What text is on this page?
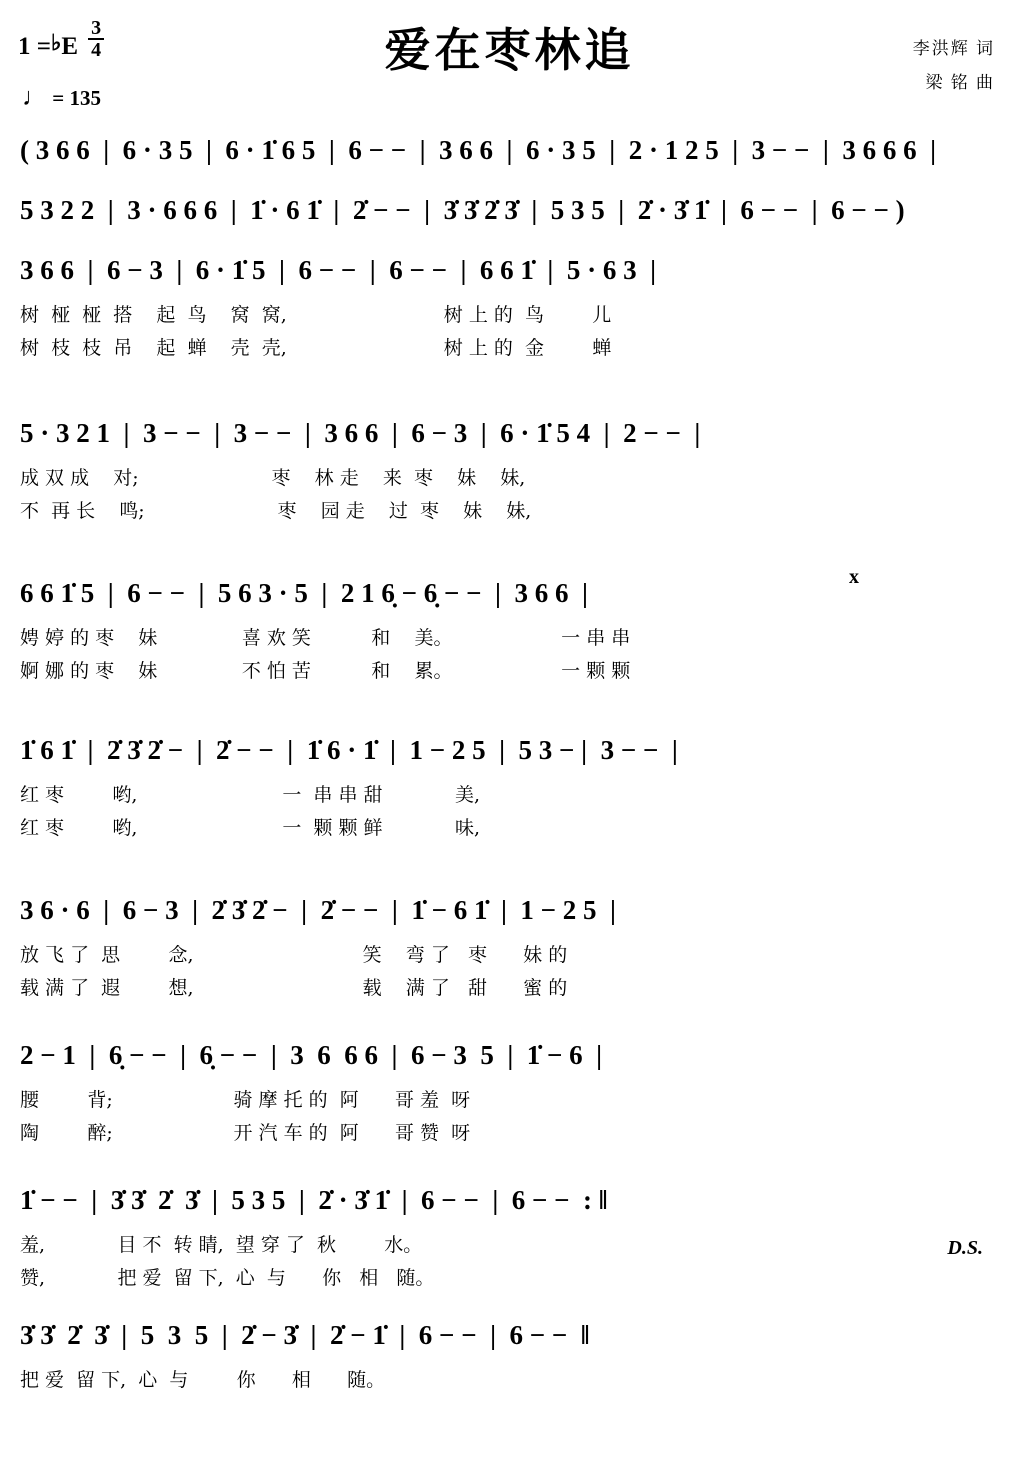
1 =♭E $\frac{3}{4}$
♩ = 135
爱在枣林追	李洪辉 词
梁 铭 曲
( 3 6 6  |  6 · 3 5  |  6 · 1̇ 6 5  |  6 − −  |  3 6 6  |  6 · 3 5  |  2 · 1 2 5  |  3 − −  |  3 6 6 6  |
5 3 2 2  |  3 · 6 6 6  |  1̇ · 6 1̇  |  2̇ − −  |  3̇ 3̇ 2̇ 3̇  |  5 3 5  |  2̇ · 3̇ 1̇  |  6 − −  |  6 − − )
3 6 6  |  6 − 3  |  6 · 1̇ 5  |  6 − −  |  6 − −  |  6 6 1̇  |  5 · 6 3  |
树  桠  桠  搭    起  鸟    窝  窝,                          树 上 的  鸟        儿
树  枝  枝  吊    起  蝉    壳  壳,                          树 上 的  金        蝉
5 · 3 2 1  |  3 − −  |  3 − −  |  3 6 6  |  6 − 3  |  6 · 1̇ 5 4  |  2 − −  |
成 双 成    对;                      枣    林 走    来  枣    妹    妹,
不  再 长    鸣;                      枣    园 走    过  枣    妹    妹,
x
6 6 1̇ 5  |  6 − −  |  5 6 3 · 5  |  2 1 6̣ − 6̣ − −  |  3 6 6  |
娉 婷 的 枣    妹              喜 欢 笑          和    美。                  一 串 串
婀 娜 的 枣    妹              不 怕 苦          和    累。                  一 颗 颗
1̇ 6 1̇  |  2̇ 3̇ 2̇ −  |  2̇ − −  |  1̇ 6 · 1̇  |  1 − 2 5  |  5 3 − |  3 − −  |
红 枣        哟,                        一  串 串 甜            美,
红 枣        哟,                        一  颗 颗 鲜            味,
3 6 · 6  |  6 − 3  |  2̇ 3̇ 2̇ −  |  2̇ − −  |  1̇ − 6 1̇  |  1 − 2 5  |
放 飞 了  思        念,                            笑    弯 了   枣      妹 的
载 满 了  遐        想,                            载    满 了   甜      蜜 的
2 − 1  |  6̣ − −  |  6̣ − −  |  3  6  6 6  |  6 − 3  5  |  1̇ − 6  |
腰        背;                    骑 摩 托 的  阿      哥 羞  呀
陶        醉;                    开 汽 车 的  阿      哥 赞  呀
1̇ − −  |  3̇ 3̇  2̇  3̇  |  5 3 5  |  2̇ · 3̇ 1̇  |  6 − −  |  6 − −  : ‖
羞,            目 不  转 睛,  望 穿 了  秋        水。
赞,            把 爱  留 下,  心  与      你   相   随。
D.S.
3̇ 3̇  2̇  3̇  |  5  3  5  |  2̇ − 3̇  |  2̇ − 1̇  |  6 − −  |  6 − −  ‖
把 爱  留 下,  心  与        你      相      随。
